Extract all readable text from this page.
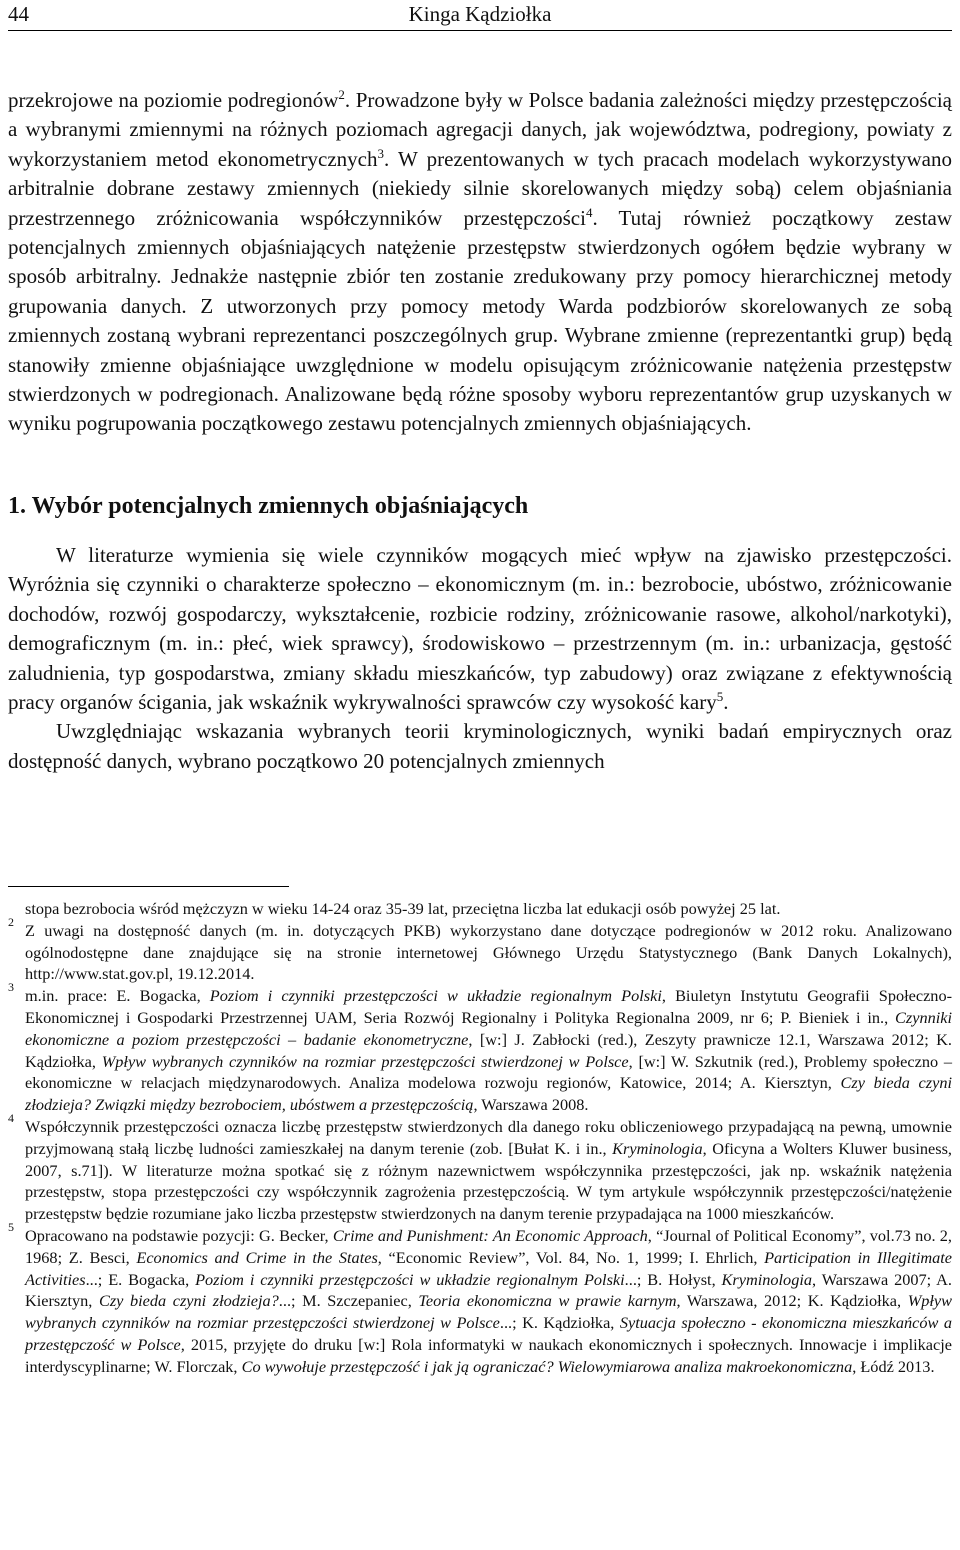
44	Kinga Kądziołka

przekrojowe na poziomie podregionów$^2$. Prowadzone były w Polsce badania zależności między przestępczością a wybranymi zmiennymi na różnych poziomach agregacji danych, jak województwa, podregiony, powiaty z wykorzystaniem metod ekonometrycznych$^3$. W prezentowanych w tych pracach modelach wykorzystywano arbitralnie dobrane zestawy zmiennych (niekiedy silnie skorelowanych między sobą) celem objaśniania przestrzennego zróżnicowania współczynników przestępczości$^4$. Tutaj również początkowy zestaw potencjalnych zmiennych objaśniających natężenie przestępstw stwierdzonych ogółem będzie wybrany w sposób arbitralny. Jednakże następnie zbiór ten zostanie zredukowany przy pomocy hierarchicznej metody grupowania danych. Z utworzonych przy pomocy metody Warda podzbiorów skorelowanych ze sobą zmiennych zostaną wybrani reprezentanci poszczególnych grup. Wybrane zmienne (reprezentantki grup) będą stanowiły zmienne objaśniające uwzględnione w modelu opisującym zróżnicowanie natężenia przestępstw stwierdzonych w podregionach. Analizowane będą różne sposoby wyboru reprezentantów grup uzyskanych w wyniku pogrupowania początkowego zestawu potencjalnych zmiennych objaśniających.

1. Wybór potencjalnych zmiennych objaśniających

W literaturze wymienia się wiele czynników mogących mieć wpływ na zjawisko przestępczości. Wyróżnia się czynniki o charakterze społeczno – ekonomicznym (m. in.: bezrobocie, ubóstwo, zróżnicowanie dochodów, rozwój gospodarczy, wykształcenie, rozbicie rodziny, zróżnicowanie rasowe, alkohol/narkotyki), demograficznym (m. in.: płeć, wiek sprawcy), środowiskowo – przestrzennym (m. in.: urbanizacja, gęstość zaludnienia, typ gospodarstwa, zmiany składu mieszkańców, typ zabudowy) oraz związane z efektywnością pracy organów ścigania, jak wskaźnik wykrywalności sprawców czy wysokość kary$^5$.

Uwzględniając wskazania wybranych teorii kryminologicznych, wyniki badań empirycznych oraz dostępność danych, wybrano początkowo 20 potencjalnych zmiennych

stopa bezrobocia wśród mężczyzn w wieku 14-24 oraz 35-39 lat, przeciętna liczba lat edukacji osób powyżej 25 lat.

2 Z uwagi na dostępność danych (m. in. dotyczących PKB) wykorzystano dane dotyczące podregionów w 2012 roku. Analizowano ogólnodostępne dane znajdujące się na stronie internetowej Głównego Urzędu Statystycznego (Bank Danych Lokalnych), http://www.stat.gov.pl, 19.12.2014.

3 m.in. prace: E. Bogacka, Poziom i czynniki przestępczości w układzie regionalnym Polski, Biuletyn Instytutu Geografii Społeczno-Ekonomicznej i Gospodarki Przestrzennej UAM, Seria Rozwój Regionalny i Polityka Regionalna 2009, nr 6; P. Bieniek i in., Czynniki ekonomiczne a poziom przestępczości – badanie ekonometryczne, [w:] J. Zabłocki (red.), Zeszyty prawnicze 12.1, Warszawa 2012; K. Kądziołka, Wpływ wybranych czynników na rozmiar przestępczości stwierdzonej w Polsce, [w:] W. Szkutnik (red.), Problemy społeczno – ekonomiczne w relacjach międzynarodowych. Analiza modelowa rozwoju regionów, Katowice, 2014; A. Kiersztyn, Czy bieda czyni złodzieja? Związki między bezrobociem, ubóstwem a przestępczością, Warszawa 2008.

4 Współczynnik przestępczości oznacza liczbę przestępstw stwierdzonych dla danego roku obliczeniowego przypadającą na pewną, umownie przyjmowaną stałą liczbę ludności zamieszkałej na danym terenie (zob. [Bułat K. i in., Kryminologia, Oficyna a Wolters Kluwer business, 2007, s.71]). W literaturze można spotkać się z różnym nazewnictwem współczynnika przestępczości, jak np. wskaźnik natężenia przestępstw, stopa przestępczości czy współczynnik zagrożenia przestępczością. W tym artykule współczynnik przestępczości/natężenie przestępstw będzie rozumiane jako liczba przestępstw stwierdzonych na danym terenie przypadająca na 1000 mieszkańców.

5 Opracowano na podstawie pozycji: G. Becker, Crime and Punishment: An Economic Approach, “Journal of Political Economy”, vol.73 no. 2, 1968; Z. Besci, Economics and Crime in the States, “Economic Review”, Vol. 84, No. 1, 1999; I. Ehrlich, Participation in Illegitimate Activities...; E. Bogacka, Poziom i czynniki przestępczości w układzie regionalnym Polski...; B. Hołyst, Kryminologia, Warszawa 2007; A. Kiersztyn, Czy bieda czyni złodzieja?...; M. Szczepaniec, Teoria ekonomiczna w prawie karnym, Warszawa, 2012; K. Kądziołka, Wpływ wybranych czynników na rozmiar przestępczości stwierdzonej w Polsce...; K. Kądziołka, Sytuacja społeczno - ekonomiczna mieszkańców a przestępczość w Polsce, 2015, przyjęte do druku [w:] Rola informatyki w naukach ekonomicznych i społecznych. Innowacje i implikacje interdyscyplinarne; W. Florczak, Co wywołuje przestępczość i jak ją ograniczać? Wielowymiarowa analiza makroekonomiczna, Łódź 2013.
